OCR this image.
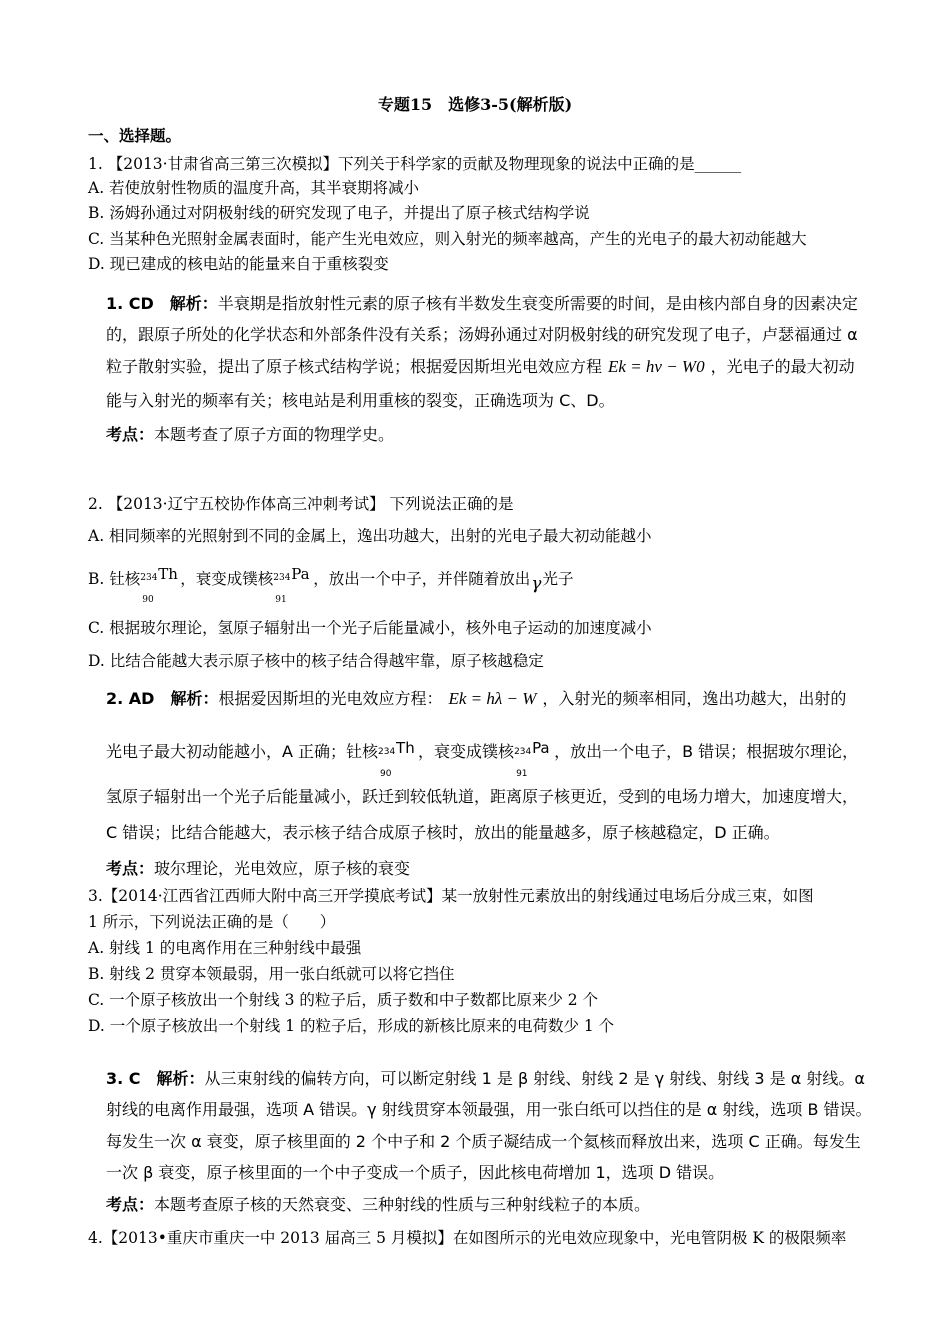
专题15　选修3-5(解析版)
一、选择题。
1. 【2013·甘肃省高三第三次模拟】下列关于科学家的贡献及物理现象的说法中正确的是______
A. 若使放射性物质的温度升高，其半衰期将减小
B. 汤姆孙通过对阴极射线的研究发现了电子，并提出了原子核式结构学说
C. 当某种色光照射金属表面时，能产生光电效应，则入射光的频率越高，产生的光电子的最大初动能越大
D. 现已建成的核电站的能量来自于重核裂变
1. CD　解析：半衰期是指放射性元素的原子核有半数发生衰变所需要的时间，是由核内部自身的因素决定
的，跟原子所处的化学状态和外部条件没有关系；汤姆孙通过对阴极射线的研究发现了电子，卢瑟福通过 α
粒子散射实验，提出了原子核式结构学说；根据爱因斯坦光电效应方程 Ek = hν − W0 ，光电子的最大初动
能与入射光的频率有关；核电站是利用重核的裂变，正确选项为 C、D。
考点：本题考查了原子方面的物理学史。
2. 【2013·辽宁五校协作体高三冲刺考试】 下列说法正确的是
A. 相同频率的光照射到不同的金属上，逸出功越大，出射的光电子最大初动能越小
B. 钍核 234 Th
90
，衰变成镤核 234 Pa
91
，放出一个中子，并伴随着放出γ光子
C. 根据玻尔理论，氢原子辐射出一个光子后能量减小，核外电子运动的加速度减小
D. 比结合能越大表示原子核中的核子结合得越牢靠，原子核越稳定
2. AD　解析：根据爱因斯坦的光电效应方程： Ek = hλ − W ，入射光的频率相同，逸出功越大，出射的
光电子最大初动能越小，A 正确；钍核 234 Th
90
，衰变成镤核 234 Pa
91
，放出一个电子，B 错误；根据玻尔理论，
氢原子辐射出一个光子后能量减小，跃迁到较低轨道，距离原子核更近，受到的电场力增大，加速度增大，
C 错误；比结合能越大，表示核子结合成原子核时，放出的能量越多，原子核越稳定，D 正确。
考点：玻尔理论，光电效应，原子核的衰变
3.【2014·江西省江西师大附中高三开学摸底考试】某一放射性元素放出的射线通过电场后分成三束，如图
1 所示，下列说法正确的是（　　）
A. 射线 1 的电离作用在三种射线中最强
B. 射线 2 贯穿本领最弱，用一张白纸就可以将它挡住
C. 一个原子核放出一个射线 3 的粒子后，质子数和中子数都比原来少 2 个
D. 一个原子核放出一个射线 1 的粒子后，形成的新核比原来的电荷数少 1 个
3. C　解析：从三束射线的偏转方向，可以断定射线 1 是 β 射线、射线 2 是 γ 射线、射线 3 是 α 射线。α
射线的电离作用最强，选项 A 错误。γ 射线贯穿本领最强，用一张白纸可以挡住的是 α 射线，选项 B 错误。
每发生一次 α 衰变，原子核里面的 2 个中子和 2 个质子凝结成一个氦核而释放出来，选项 C 正确。每发生
一次 β 衰变，原子核里面的一个中子变成一个质子，因此核电荷增加 1，选项 D 错误。
考点：本题考查原子核的天然衰变、三种射线的性质与三种射线粒子的本质。
4.【2013•重庆市重庆一中 2013 届高三 5 月模拟】在如图所示的光电效应现象中，光电管阴极 K 的极限频率
